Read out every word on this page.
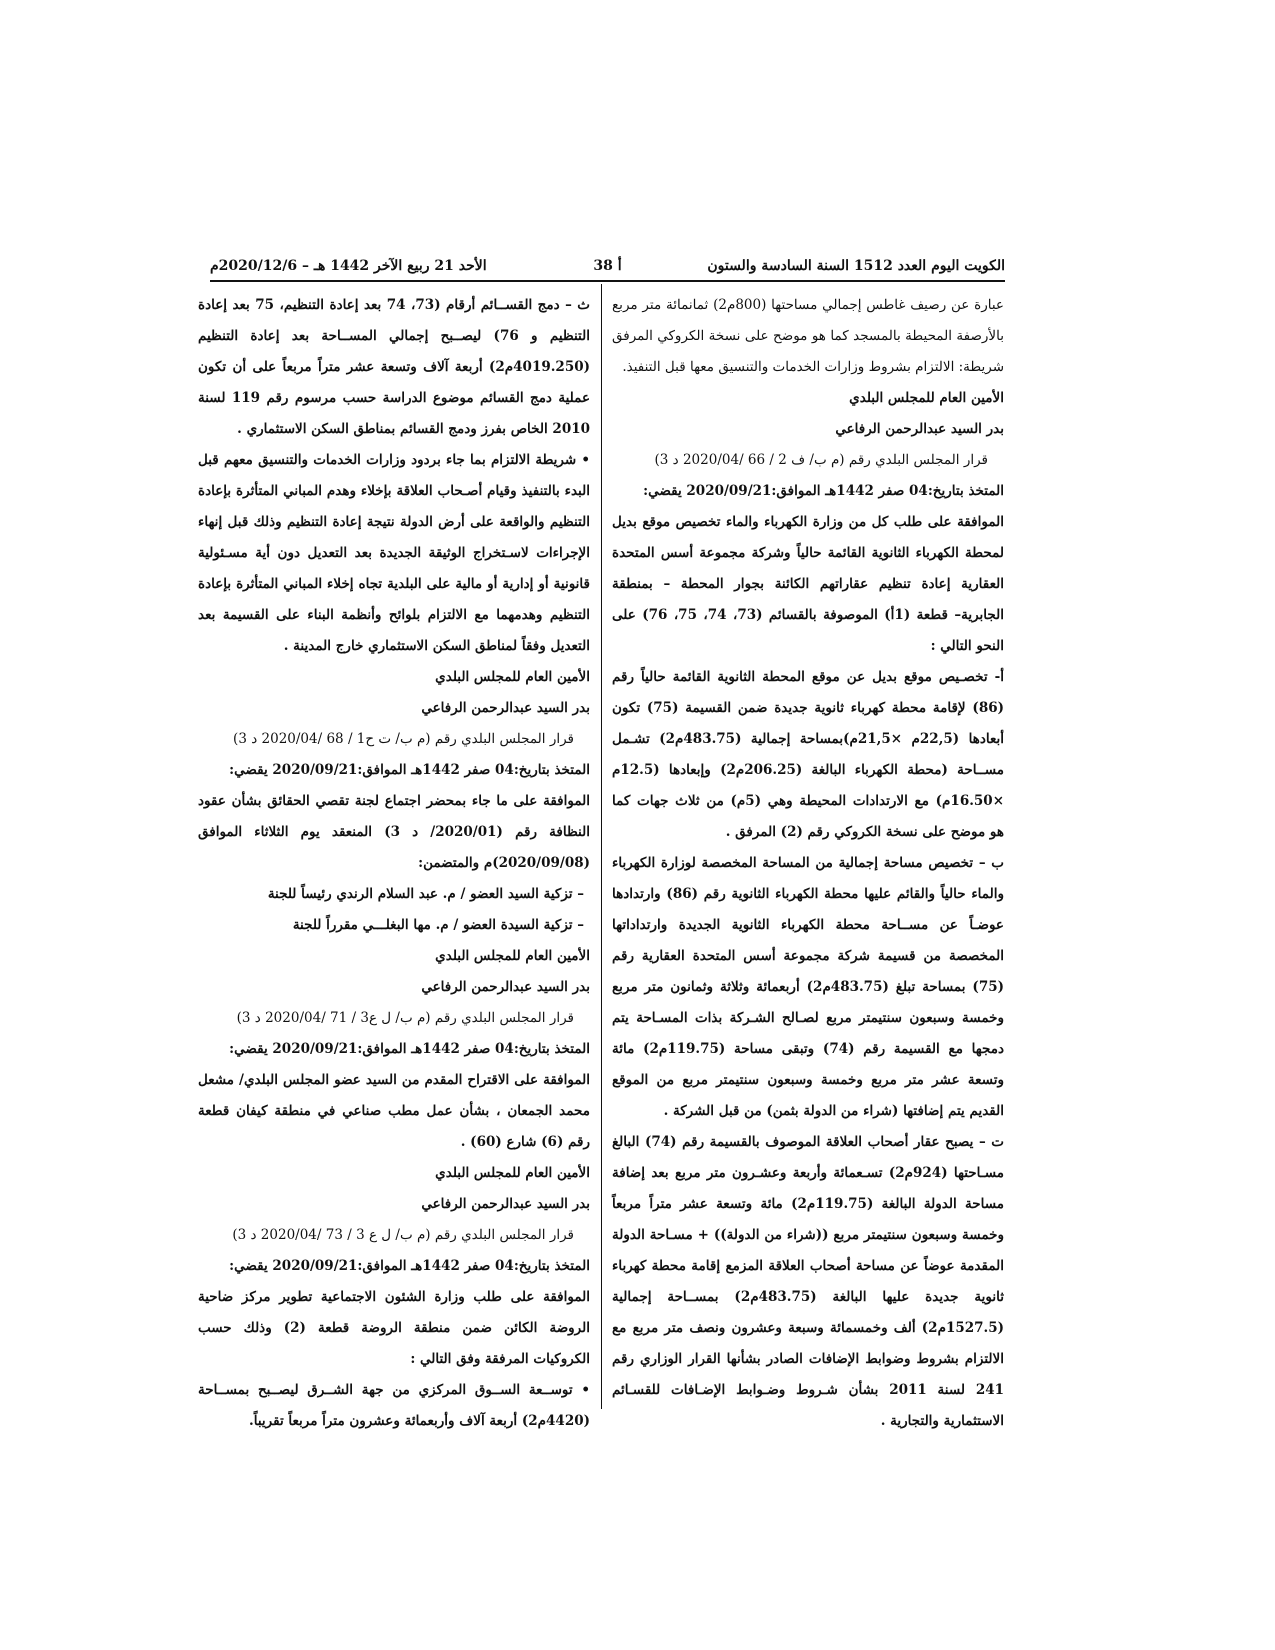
الكويت اليوم العدد 1512 السنة السادسة والستون
أ 38
الأحد 21 ربيع الآخر 1442 هـ – 2020/12/6م

عبارة عن رصيف غاطس إجمالي مساحتها (800م2) ثمانمائة متر مربع بالأرصفة المحيطة بالمسجد كما هو موضح على نسخة الكروكي المرفق شريطة: الالتزام بشروط وزارات الخدمات والتنسيق معها قبل التنفيذ.

الأمين العام للمجلس البلدي

بدر السيد عبدالرحمن الرفاعي

قرار المجلس البلدي رقم (م ب/ ف 2 / 66 /2020/04 د 3)

المتخذ بتاريخ:04 صفر 1442هـ الموافق:2020/09/21 يقضي:

الموافقة على طلب كل من وزارة الكهرباء والماء تخصيص موقع بديل لمحطة الكهرباء الثانوية القائمة حالياً وشركة مجموعة أسس المتحدة العقارية إعادة تنظيم عقاراتهم الكائنة بجوار المحطة – بمنطقة الجابرية– قطعة (1أ) الموصوفة بالقسائم (73، 74، 75، 76) على النحو التالي :

أ- تخصـيص موقع بديل عن موقع المحطة الثانوية القائمة حالياً رقم (86) لإقامة محطة كهرباء ثانوية جديدة ضمن القسيمة (75) تكون أبعادها (22,5م ×21,5م)بمساحة إجمالية (483.75م2) تشـمل مســاحة (محطة الكهرباء البالغة (206.25م2) وإبعادها (12.5م ×16.50م) مع الارتدادات المحيطة وهي (5م) من ثلاث جهات كما هو موضح على نسخة الكروكي رقم (2) المرفق .

ب – تخصيص مساحة إجمالية من المساحة المخصصة لوزارة الكهرباء والماء حالياً والقائم عليها محطة الكهرباء الثانوية رقم (86) وارتدادها عوضـاً عن مســاحة محطة الكهرباء الثانوية الجديدة وارتداداتها المخصصة من قسيمة شركة مجموعة أسس المتحدة العقارية رقم (75) بمساحة تبلغ (483.75م2) أربعمائة وثلاثة وثمانون متر مربع وخمسة وسبعون سنتيمتر مربع لصـالح الشـركة بذات المسـاحة يتم دمجها مع القسيمة رقم (74) وتبقى مساحة (119.75م2) مائة وتسعة عشر متر مربع وخمسة وسبعون سنتيمتر مربع من الموقع القديم يتم إضافتها (شراء من الدولة بثمن) من قبل الشركة .

ت – يصبح عقار أصحاب العلاقة الموصوف بالقسيمة رقم (74) البالغ مسـاحتها (924م2) تسـعمائة وأربعة وعشـرون متر مربع بعد إضافة مساحة الدولة البالغة (119.75م2) مائة وتسعة عشر متراً مربعاً وخمسة وسبعون سنتيمتر مربع ((شراء من الدولة)) + مسـاحة الدولة المقدمة عوضاً عن مساحة أصحاب العلاقة المزمع إقامة محطة كهرباء ثانوية جديدة عليها البالغة (483.75م2) بمســاحة إجمالية (1527.5م2) ألف وخمسمائة وسبعة وعشرون ونصف متر مربع مع الالتزام بشروط وضوابط الإضافات الصادر بشأنها القرار الوزاري رقم 241 لسنة 2011 بشأن شـروط وضـوابط الإضـافات للقسـائم الاستثمارية والتجارية .

ث – دمج القســائم أرقام (73، 74 بعد إعادة التنظيم، 75 بعد إعادة التنظيم و 76) ليصــبح إجمالي المســاحة بعد إعادة التنظيم (4019.250م2) أربعة آلاف وتسعة عشر متراً مربعاً على أن تكون عملية دمج القسائم موضوع الدراسة حسب مرسوم رقم 119 لسنة 2010 الخاص بفرز ودمج القسائم بمناطق السكن الاستثماري .

• شريطة الالتزام بما جاء بردود وزارات الخدمات والتنسيق معهم قبل البدء بالتنفيذ وقيام أصـحاب العلاقة بإخلاء وهدم المباني المتأثرة بإعادة التنظيم والواقعة على أرض الدولة نتيجة إعادة التنظيم وذلك قبل إنهاء الإجراءات لاسـتخراج الوثيقة الجديدة بعد التعديل دون أية مسـئولية قانونية أو إدارية أو مالية على البلدية تجاه إخلاء المباني المتأثرة بإعادة التنظيم وهدمهما مع الالتزام بلوائح وأنظمة البناء على القسيمة بعد التعديل وفقاً لمناطق السكن الاستثماري خارج المدينة .

الأمين العام للمجلس البلدي

بدر السيد عبدالرحمن الرفاعي

قرار المجلس البلدي رقم (م ب/ ت ح1 / 68 /2020/04 د 3)

المتخذ بتاريخ:04 صفر 1442هـ الموافق:2020/09/21 يقضي:

الموافقة على ما جاء بمحضر اجتماع لجنة تقصي الحقائق بشأن عقود النظافة رقم (2020/01/ د 3) المنعقد يوم الثلاثاء الموافق (2020/09/08)م والمتضمن:

– تزكية السيد العضو / م. عبد السلام الرندي رئيساً للجنة

– تزكية السيدة العضو / م. مها البغلـــي مقرراً للجنة

الأمين العام للمجلس البلدي

بدر السيد عبدالرحمن الرفاعي

قرار المجلس البلدي رقم (م ب/ ل ع3 / 71 /2020/04 د 3)

المتخذ بتاريخ:04 صفر 1442هـ الموافق:2020/09/21 يقضي:

الموافقة على الاقتراح المقدم من السيد عضو المجلس البلدي/ مشعل محمد الجمعان ، بشأن عمل مطب صناعي في منطقة كيفان قطعة رقم (6) شارع (60) .

الأمين العام للمجلس البلدي

بدر السيد عبدالرحمن الرفاعي

قرار المجلس البلدي رقم (م ب/ ل ع 3 / 73 /2020/04 د 3)

المتخذ بتاريخ:04 صفر 1442هـ الموافق:2020/09/21 يقضي:

الموافقة على طلب وزارة الشئون الاجتماعية تطوير مركز ضاحية الروضة الكائن ضمن منطقة الروضة قطعة (2) وذلك حسب الكروكيات المرفقة وفق التالي :

• توســعة الســوق المركزي من جهة الشــرق ليصــبح بمســاحة (4420م2) أربعة آلاف وأربعمائة وعشرون متراً مربعاً تقريباً.
